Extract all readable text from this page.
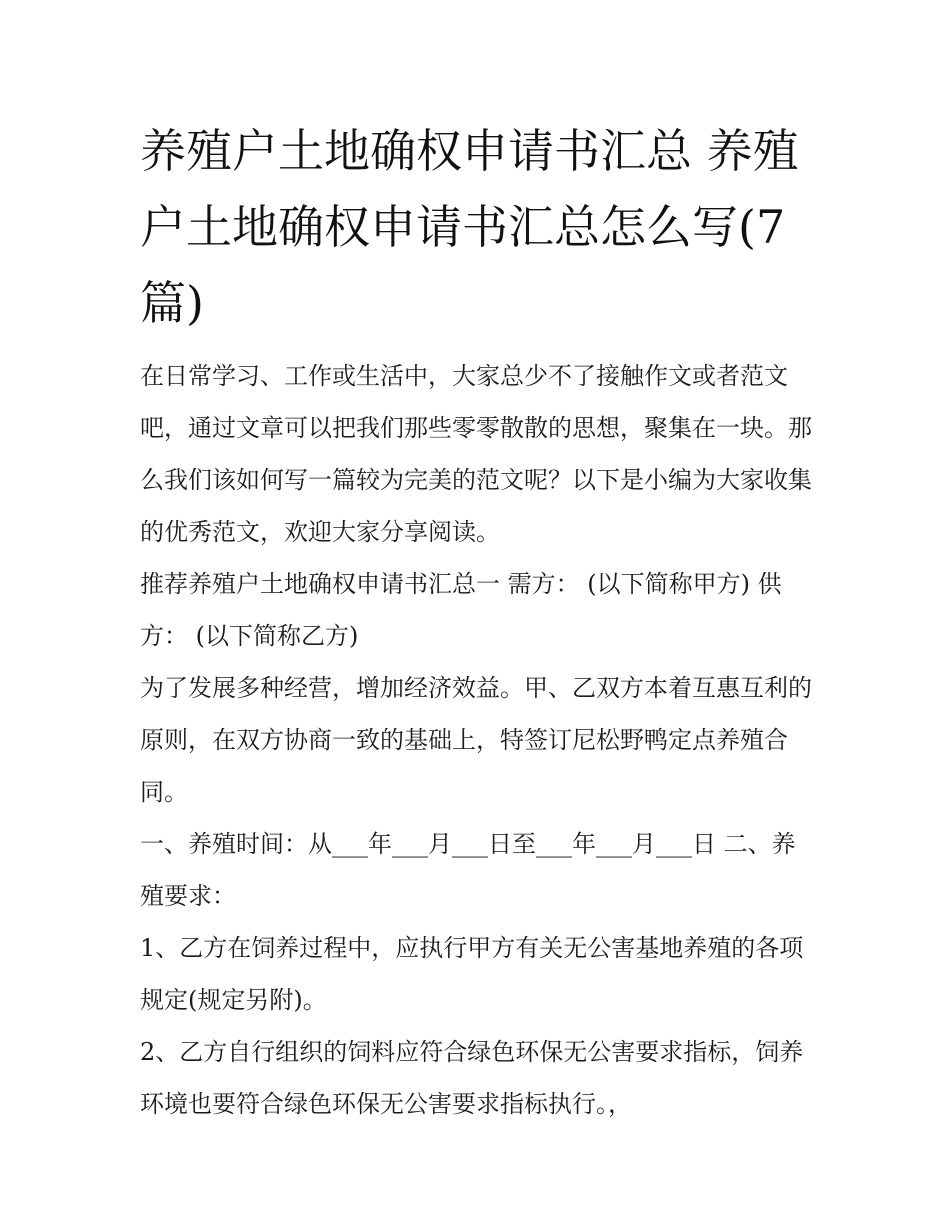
养殖户土地确权申请书汇总 养殖户土地确权申请书汇总怎么写(7篇)

在日常学习、工作或生活中，大家总少不了接触作文或者范文吧，通过文章可以把我们那些零零散散的思想，聚集在一块。那么我们该如何写一篇较为完美的范文呢？以下是小编为大家收集的优秀范文，欢迎大家分享阅读。

推荐养殖户土地确权申请书汇总一 需方： (以下简称甲方) 供方： (以下简称乙方)

为了发展多种经营，增加经济效益。甲、乙双方本着互惠互利的原则，在双方协商一致的基础上，特签订尼松野鸭定点养殖合同。

一、养殖时间：从___年___月___日至___年___月___日 二、养殖要求：

1、乙方在饲养过程中，应执行甲方有关无公害基地养殖的各项规定(规定另附)。

2、乙方自行组织的饲料应符合绿色环保无公害要求指标，饲养环境也要符合绿色环保无公害要求指标执行。，
